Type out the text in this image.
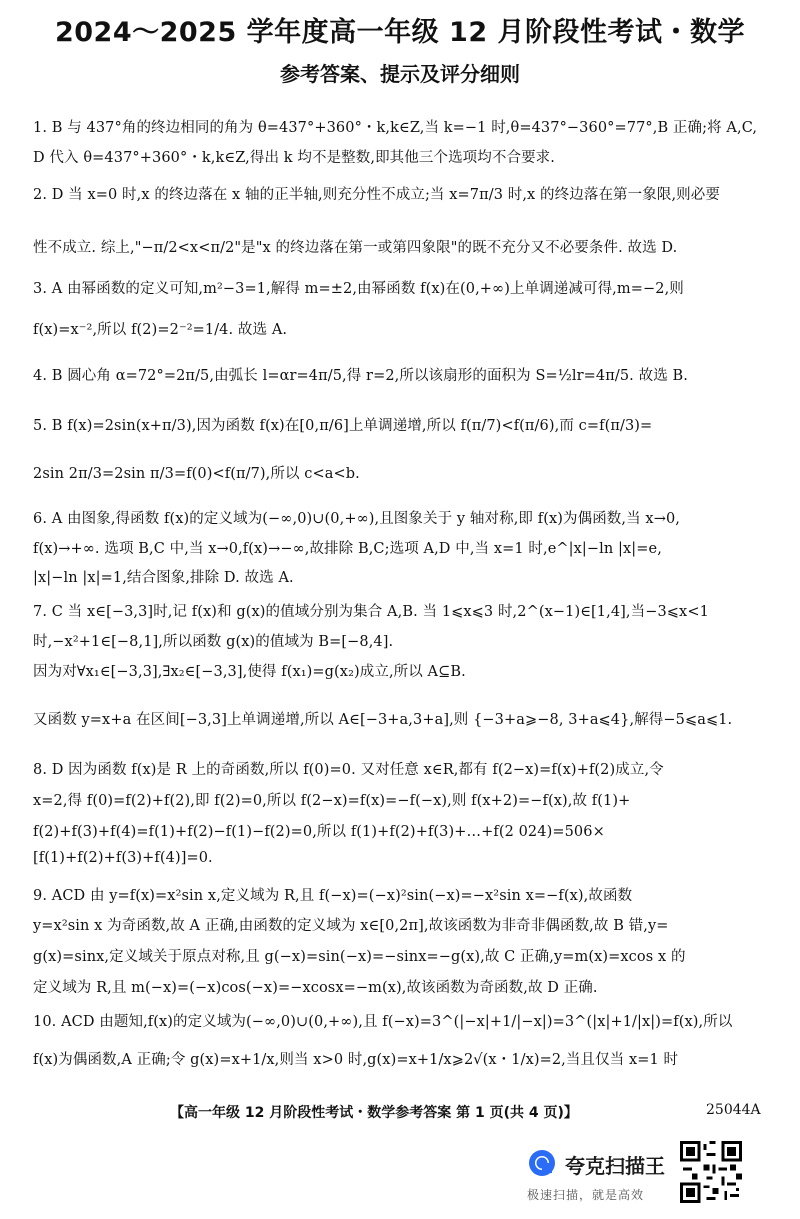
2024～2025 学年度高一年级 12 月阶段性考试・数学
参考答案、提示及评分细则
1. B 与 437°角的终边相同的角为 θ=437°+360°・k,k∈Z,当 k=−1 时,θ=437°−360°=77°,B 正确;将 A,C,
D 代入 θ=437°+360°・k,k∈Z,得出 k 均不是整数,即其他三个选项均不合要求.
2. D 当 x=0 时,x 的终边落在 x 轴的正半轴,则充分性不成立;当 x=7π/3 时,x 的终边落在第一象限,则必要
性不成立. 综上,"−π/2<x<π/2"是"x 的终边落在第一或第四象限"的既不充分又不必要条件. 故选 D.
3. A 由幂函数的定义可知,m²−3=1,解得 m=±2,由幂函数 f(x)在(0,+∞)上单调递减可得,m=−2,则
f(x)=x⁻²,所以 f(2)=2⁻²=1/4. 故选 A.
4. B 圆心角 α=72°=2π/5,由弧长 l=αr=4π/5,得 r=2,所以该扇形的面积为 S=½lr=4π/5. 故选 B.
5. B f(x)=2sin(x+π/3),因为函数 f(x)在[0,π/6]上单调递增,所以 f(π/7)<f(π/6),而 c=f(π/3)=
2sin 2π/3=2sin π/3=f(0)<f(π/7),所以 c<a<b.
6. A 由图象,得函数 f(x)的定义域为(−∞,0)∪(0,+∞),且图象关于 y 轴对称,即 f(x)为偶函数,当 x→0,
f(x)→+∞. 选项 B,C 中,当 x→0,f(x)→−∞,故排除 B,C;选项 A,D 中,当 x=1 时,e^|x|−ln |x|=e,
|x|−ln |x|=1,结合图象,排除 D. 故选 A.
7. C 当 x∈[−3,3]时,记 f(x)和 g(x)的值域分别为集合 A,B. 当 1⩽x⩽3 时,2^(x−1)∈[1,4],当−3⩽x<1
时,−x²+1∈[−8,1],所以函数 g(x)的值域为 B=[−8,4].
因为对∀x₁∈[−3,3],∃x₂∈[−3,3],使得 f(x₁)=g(x₂)成立,所以 A⊆B.
又函数 y=x+a 在区间[−3,3]上单调递增,所以 A∈[−3+a,3+a],则 {−3+a⩾−8, 3+a⩽4},解得−5⩽a⩽1.
8. D 因为函数 f(x)是 R 上的奇函数,所以 f(0)=0. 又对任意 x∈R,都有 f(2−x)=f(x)+f(2)成立,令
x=2,得 f(0)=f(2)+f(2),即 f(2)=0,所以 f(2−x)=f(x)=−f(−x),则 f(x+2)=−f(x),故 f(1)+
f(2)+f(3)+f(4)=f(1)+f(2)−f(1)−f(2)=0,所以 f(1)+f(2)+f(3)+…+f(2 024)=506×
[f(1)+f(2)+f(3)+f(4)]=0.
9. ACD 由 y=f(x)=x²sin x,定义域为 R,且 f(−x)=(−x)²sin(−x)=−x²sin x=−f(x),故函数
y=x²sin x 为奇函数,故 A 正确,由函数的定义域为 x∈[0,2π],故该函数为非奇非偶函数,故 B 错,y=
g(x)=sinx,定义域关于原点对称,且 g(−x)=sin(−x)=−sinx=−g(x),故 C 正确,y=m(x)=xcos x 的
定义域为 R,且 m(−x)=(−x)cos(−x)=−xcosx=−m(x),故该函数为奇函数,故 D 正确.
10. ACD 由题知,f(x)的定义域为(−∞,0)∪(0,+∞),且 f(−x)=3^(|−x|+1/|−x|)=3^(|x|+1/|x|)=f(x),所以
f(x)为偶函数,A 正确;令 g(x)=x+1/x,则当 x>0 时,g(x)=x+1/x⩾2√(x・1/x)=2,当且仅当 x=1 时
【高一年级 12 月阶段性考试・数学参考答案 第 1 页(共 4 页)】	25044A
夸克扫描王
极速扫描，就是高效
